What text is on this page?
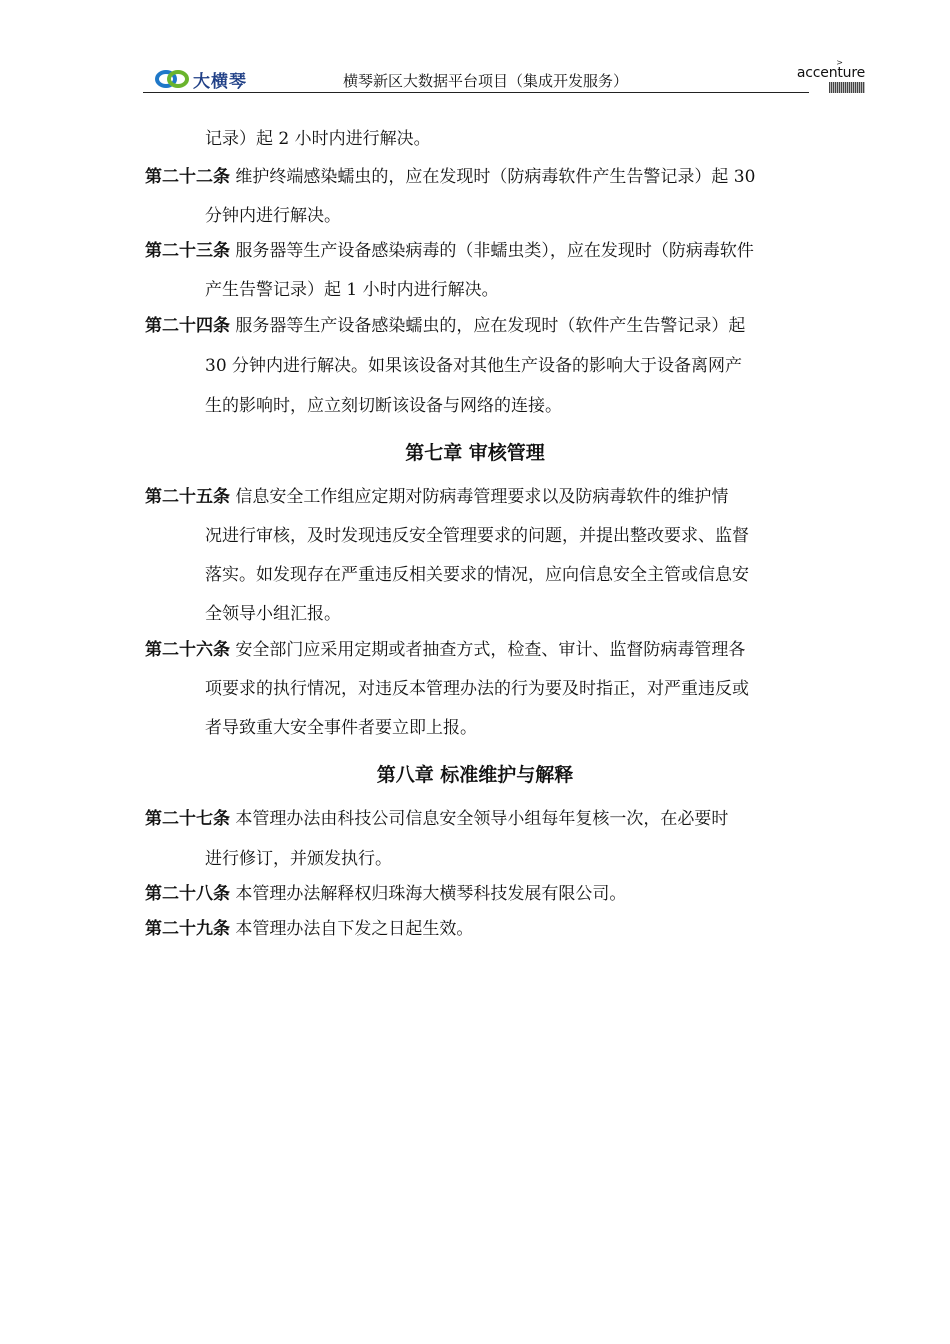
大横琴	横琴新区大数据平台项目（集成开发服务）
>
accenture
记录）起 2 小时内进行解决。
第二十二条 维护终端感染蠕虫的，应在发现时（防病毒软件产生告警记录）起 30
分钟内进行解决。
第二十三条 服务器等生产设备感染病毒的（非蠕虫类），应在发现时（防病毒软件
产生告警记录）起 1 小时内进行解决。
第二十四条 服务器等生产设备感染蠕虫的，应在发现时（软件产生告警记录）起
30 分钟内进行解决。如果该设备对其他生产设备的影响大于设备离网产
生的影响时，应立刻切断该设备与网络的连接。
第七章 审核管理
第二十五条 信息安全工作组应定期对防病毒管理要求以及防病毒软件的维护情
况进行审核，及时发现违反安全管理要求的问题，并提出整改要求、监督
落实。如发现存在严重违反相关要求的情况，应向信息安全主管或信息安
全领导小组汇报。
第二十六条 安全部门应采用定期或者抽查方式，检查、审计、监督防病毒管理各
项要求的执行情况，对违反本管理办法的行为要及时指正，对严重违反或
者导致重大安全事件者要立即上报。
第八章 标准维护与解释
第二十七条 本管理办法由科技公司信息安全领导小组每年复核一次，在必要时
进行修订，并颁发执行。
第二十八条 本管理办法解释权归珠海大横琴科技发展有限公司。
第二十九条 本管理办法自下发之日起生效。
